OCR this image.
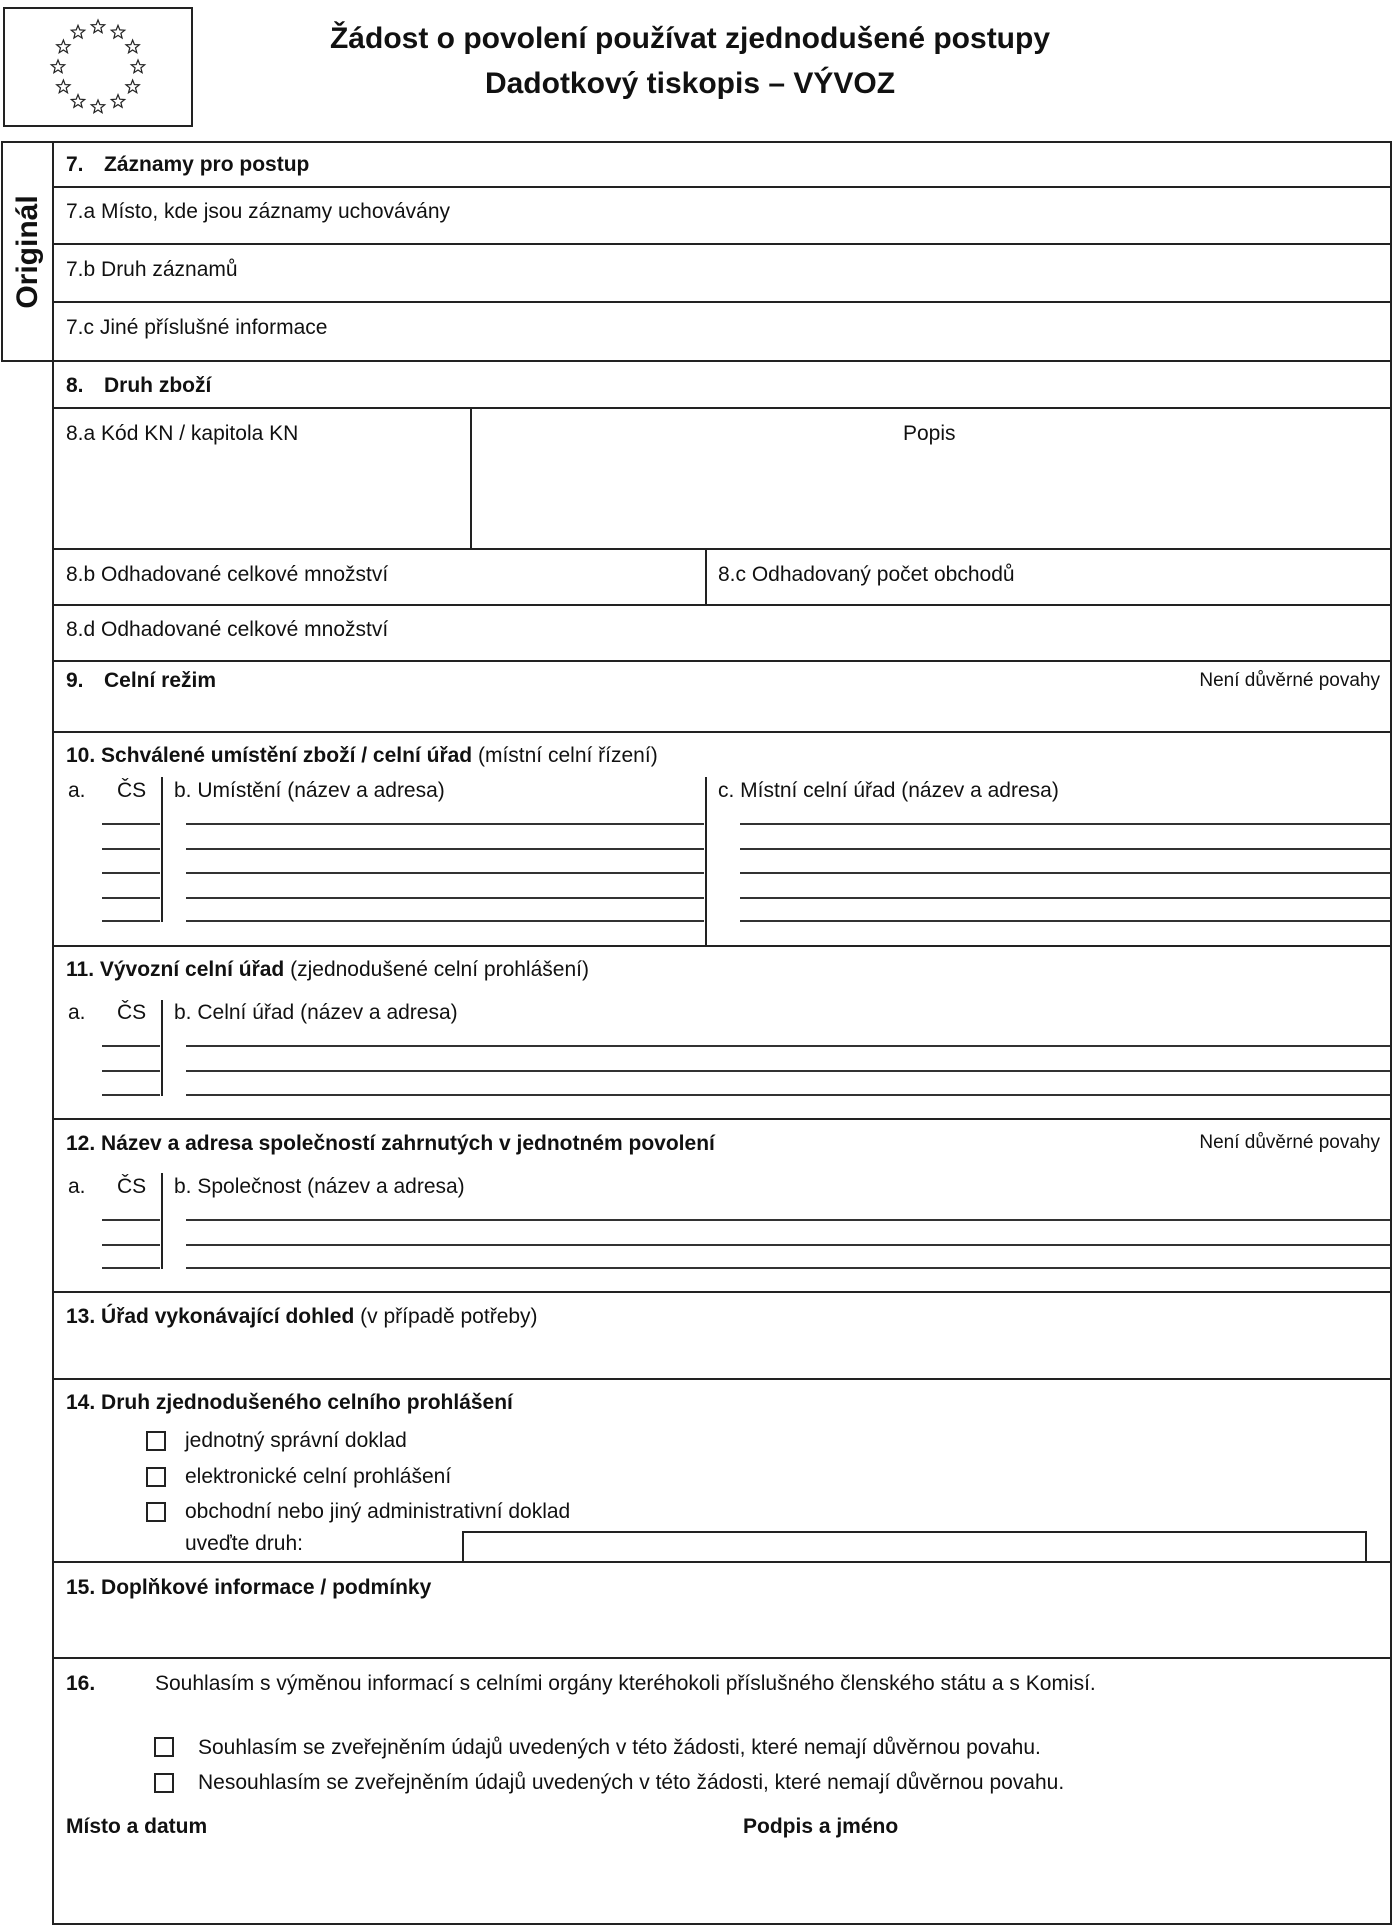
Žádost o povolení používat zjednodušené postupy
Dadotkový tiskopis – VÝVOZ
Originál
7. Záznamy pro postup
7.a Místo, kde jsou záznamy uchovávány
7.b Druh záznamů
7.c Jiné příslušné informace
8. Druh zboží
8.a Kód KN / kapitola KN	Popis
8.b Odhadované celkové množství	8.c Odhadovaný počet obchodů
8.d Odhadované celkové množství
9. Celní režim	Není důvěrné povahy
10. Schválené umístění zboží / celní úřad (místní celní řízení)
a. ČS b. Umístění (název a adresa)	c. Místní celní úřad (název a adresa)
11. Vývozní celní úřad (zjednodušené celní prohlášení)
a. ČS b. Celní úřad (název a adresa)
12. Název a adresa společností zahrnutých v jednotném povolení	Není důvěrné povahy
a. ČS b. Společnost (název a adresa)
13. Úřad vykonávající dohled (v případě potřeby)
14. Druh zjednodušeného celního prohlášení
jednotný správní doklad
elektronické celní prohlášení
obchodní nebo jiný administrativní doklad
uveďte druh:
15. Doplňkové informace / podmínky
16.	Souhlasím s výměnou informací s celními orgány kteréhokoli příslušného členského státu a s Komisí.
Souhlasím se zveřejněním údajů uvedených v této žádosti, které nemají důvěrnou povahu.
Nesouhlasím se zveřejněním údajů uvedených v této žádosti, které nemají důvěrnou povahu.
Místo a datum	Podpis a jméno
